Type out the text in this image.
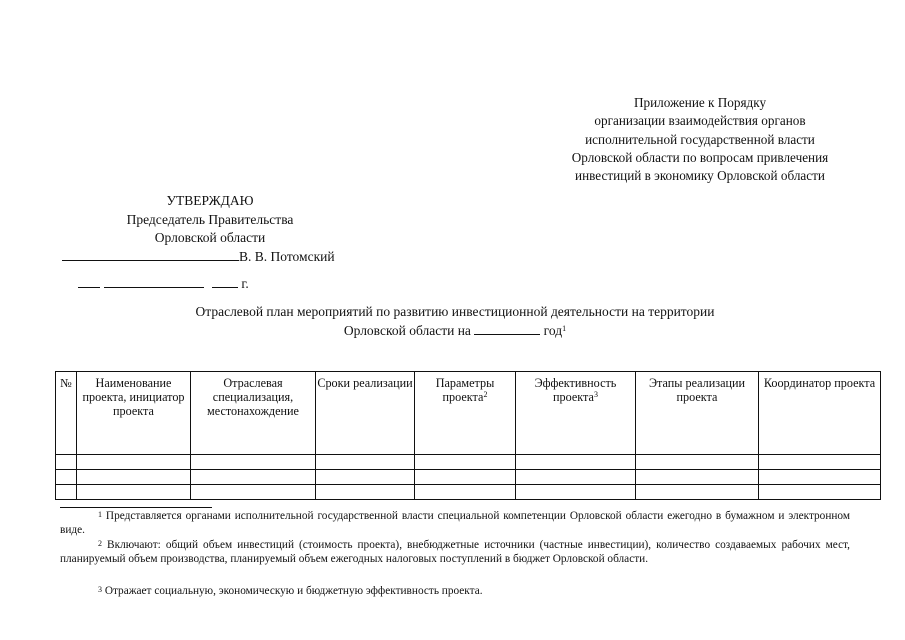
Приложение к Порядку
организации взаимодействия органов
исполнительной государственной власти
Орловской области по вопросам привлечения
инвестиций в экономику Орловской области
УТВЕРЖДАЮ
Председатель Правительства
Орловской области
В. В. Потомский
г.
Отраслевой план мероприятий по развитию инвестиционной деятельности на территории
Орловской области на	год$^1$
№	Наименование проекта, инициатор проекта	Отраслевая специализация, местонахождение	Сроки реализации	Параметры проекта$^2$	Эффективность проекта$^3$	Этапы реализации проекта	Координатор проекта

$^1$ Представляется органами исполнительной государственной власти специальной компетенции Орловской области ежегодно в бумажном и электронном виде.
$^2$ Включают: общий объем инвестиций (стоимость проекта), внебюджетные источники (частные инвестиции), количество создаваемых рабочих мест, планируемый объем производства, планируемый объем ежегодных налоговых поступлений в бюджет Орловской области.
$^3$ Отражает социальную, экономическую и бюджетную эффективность проекта.
